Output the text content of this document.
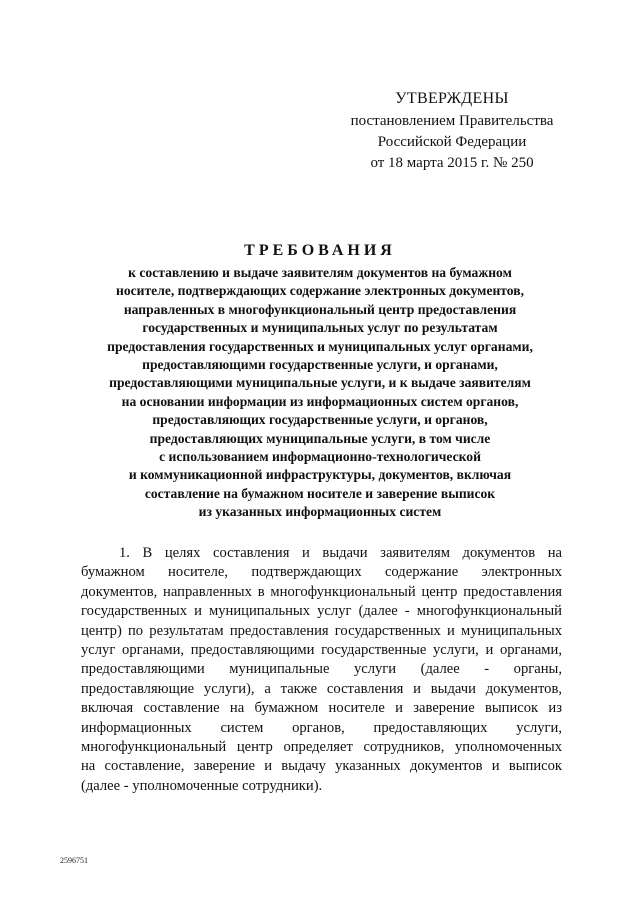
УТВЕРЖДЕНЫ
постановлением Правительства
Российской Федерации
от 18 марта 2015 г. № 250
ТРЕБОВАНИЯ
к составлению и выдаче заявителям документов на бумажном
носителе, подтверждающих содержание электронных документов,
направленных в многофункциональный центр предоставления
государственных и муниципальных услуг по результатам
предоставления государственных и муниципальных услуг органами,
предоставляющими государственные услуги, и органами,
предоставляющими муниципальные услуги, и к выдаче заявителям
на основании информации из информационных систем органов,
предоставляющих государственные услуги, и органов,
предоставляющих муниципальные услуги, в том числе
с использованием информационно-технологической
и коммуникационной инфраструктуры, документов, включая
составление на бумажном носителе и заверение выписок
из указанных информационных систем
1. В целях составления и выдачи заявителям документов на
бумажном носителе, подтверждающих содержание электронных
документов, направленных в многофункциональный центр предоставления
государственных и муниципальных услуг (далее - многофункциональный
центр) по результатам предоставления государственных и муниципальных
услуг органами, предоставляющими государственные услуги, и органами,
предоставляющими муниципальные услуги (далее - органы,
предоставляющие услуги), а также составления и выдачи документов,
включая составление на бумажном носителе и заверение выписок из
информационных систем органов, предоставляющих услуги,
многофункциональный центр определяет сотрудников, уполномоченных
на составление, заверение и выдачу указанных документов и выписок
(далее - уполномоченные сотрудники).
2596751
